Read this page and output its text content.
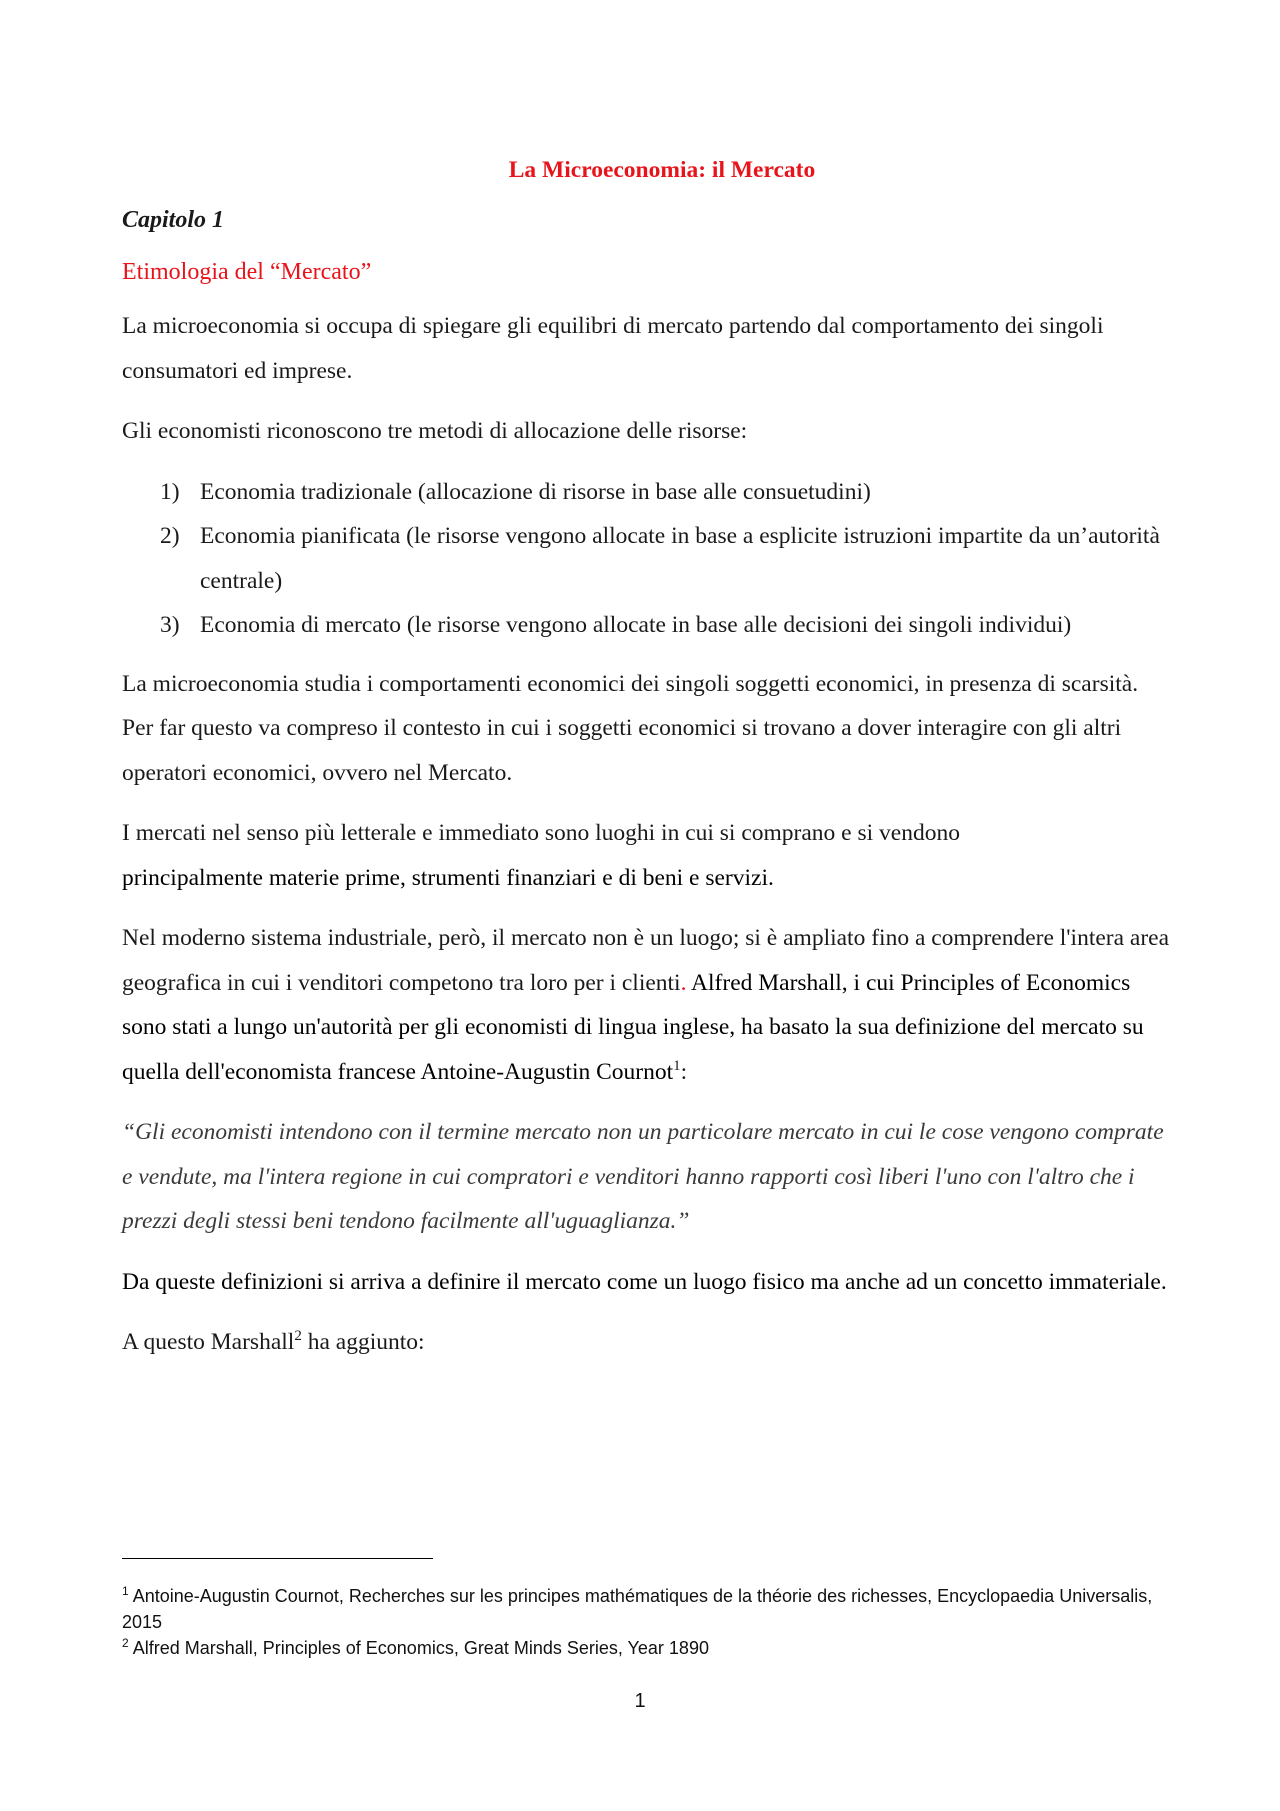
La Microeconomia: il Mercato
Capitolo 1
Etimologia del “Mercato”

La microeconomia si occupa di spiegare gli equilibri di mercato partendo dal comportamento dei singoli consumatori ed imprese.

Gli economisti riconoscono tre metodi di allocazione delle risorse:

1) Economia tradizionale (allocazione di risorse in base alle consuetudini)
2) Economia pianificata (le risorse vengono allocate in base a esplicite istruzioni impartite da un’autorità centrale)
3) Economia di mercato (le risorse vengono allocate in base alle decisioni dei singoli individui)

La microeconomia studia i comportamenti economici dei singoli soggetti economici, in presenza di scarsità. Per far questo va compreso il contesto in cui i soggetti economici si trovano a dover interagire con gli altri operatori economici, ovvero nel Mercato.

I mercati nel senso più letterale e immediato sono luoghi in cui si comprano e si vendono
principalmente materie prime, strumenti finanziari e di beni e servizi.

Nel moderno sistema industriale, però, il mercato non è un luogo; si è ampliato fino a comprendere l'intera area geografica in cui i venditori competono tra loro per i clienti. Alfred Marshall, i cui Principles of Economics sono stati a lungo un'autorità per gli economisti di lingua inglese, ha basato la sua definizione del mercato su quella dell'economista francese Antoine-Augustin Cournot$^1$:

“Gli economisti intendono con il termine mercato non un particolare mercato in cui le cose vengono comprate e vendute, ma l'intera regione in cui compratori e venditori hanno rapporti così liberi l'uno con l'altro che i prezzi degli stessi beni tendono facilmente all'uguaglianza.”

Da queste definizioni si arriva a definire il mercato come un luogo fisico ma anche ad un concetto immateriale.

A questo Marshall$^2$ ha aggiunto:

$^1$ Antoine-Augustin Cournot, Recherches sur les principes mathématiques de la théorie des richesses, Encyclopaedia Universalis, 2015

$^2$ Alfred Marshall, Principles of Economics, Great Minds Series, Year 1890

1
